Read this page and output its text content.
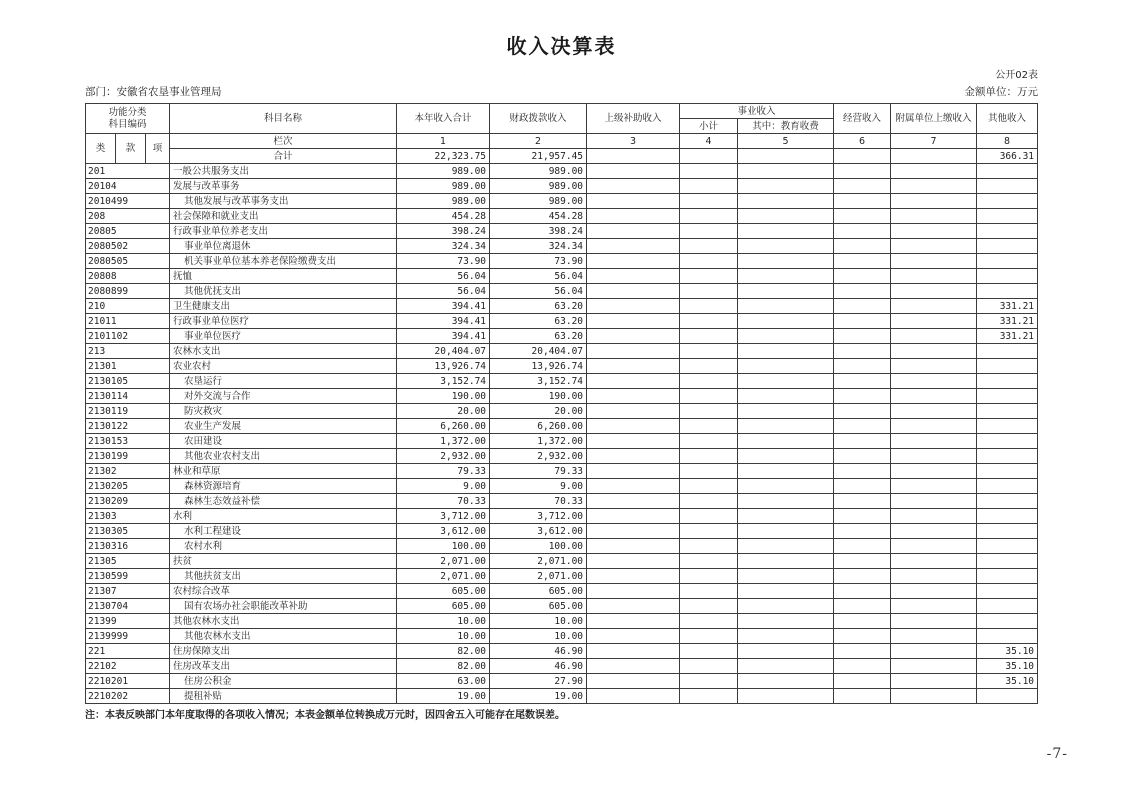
收入决算表
公开02表
部门：安徽省农垦事业管理局	金额单位：万元
功能分类
科目编码			科目名称	本年收入合计	财政拨款收入	上级补助收入	事业收入		经营收入	附属单位上缴收入	其他收入
							小计	其中：教育收费			
类	款	项	栏次	1	2	3	4	5	6	7	8
			合计	22,323.75	21,957.45						366.31
201			一般公共服务支出	989.00	989.00						
20104			发展与改革事务	989.00	989.00						
2010499			其他发展与改革事务支出	989.00	989.00						
208			社会保障和就业支出	454.28	454.28						
20805			行政事业单位养老支出	398.24	398.24						
2080502			事业单位离退休	324.34	324.34						
2080505			机关事业单位基本养老保险缴费支出	73.90	73.90						
20808			抚恤	56.04	56.04						
2080899			其他优抚支出	56.04	56.04						
210			卫生健康支出	394.41	63.20						331.21
21011			行政事业单位医疗	394.41	63.20						331.21
2101102			事业单位医疗	394.41	63.20						331.21
213			农林水支出	20,404.07	20,404.07						
21301			农业农村	13,926.74	13,926.74						
2130105			农垦运行	3,152.74	3,152.74						
2130114			对外交流与合作	190.00	190.00						
2130119			防灾救灾	20.00	20.00						
2130122			农业生产发展	6,260.00	6,260.00						
2130153			农田建设	1,372.00	1,372.00						
2130199			其他农业农村支出	2,932.00	2,932.00						
21302			林业和草原	79.33	79.33						
2130205			森林资源培育	9.00	9.00						
2130209			森林生态效益补偿	70.33	70.33						
21303			水利	3,712.00	3,712.00						
2130305			水利工程建设	3,612.00	3,612.00						
2130316			农村水利	100.00	100.00						
21305			扶贫	2,071.00	2,071.00						
2130599			其他扶贫支出	2,071.00	2,071.00						
21307			农村综合改革	605.00	605.00						
2130704			国有农场办社会职能改革补助	605.00	605.00						
21399			其他农林水支出	10.00	10.00						
2139999			其他农林水支出	10.00	10.00						
221			住房保障支出	82.00	46.90						35.10
22102			住房改革支出	82.00	46.90						35.10
2210201			住房公积金	63.00	27.90						35.10
2210202			提租补贴	19.00	19.00						
注：本表反映部门本年度取得的各项收入情况；本表金额单位转换成万元时，因四舍五入可能存在尾数误差。
-7-
